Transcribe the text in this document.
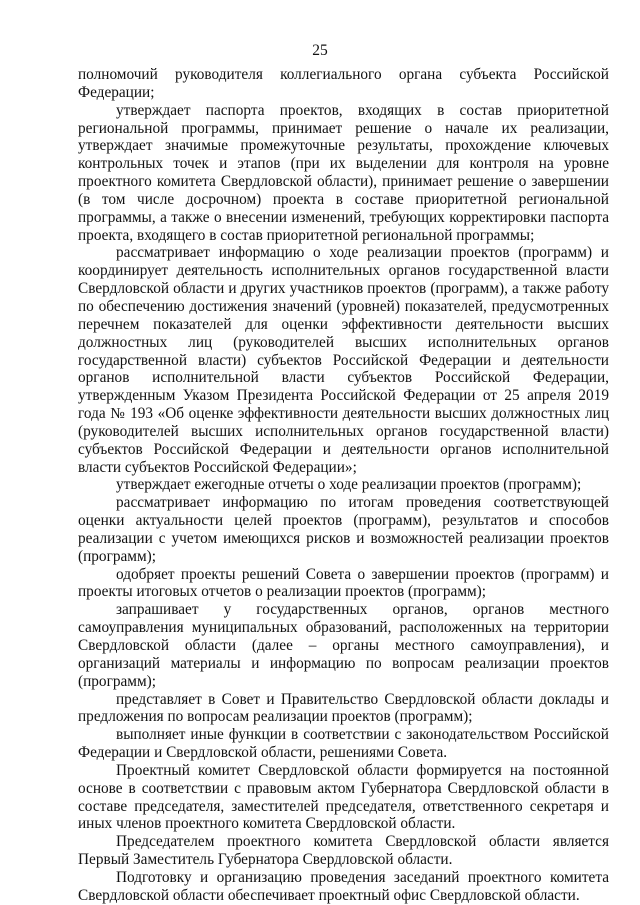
25

полномочий руководителя коллегиального органа субъекта Российской Федерации;

утверждает паспорта проектов, входящих в состав приоритетной региональной программы, принимает решение о начале их реализации, утверждает значимые промежуточные результаты, прохождение ключевых контрольных точек и этапов (при их выделении для контроля на уровне проектного комитета Свердловской области), принимает решение о завершении (в том числе досрочном) проекта в составе приоритетной региональной программы, а также о внесении изменений, требующих корректировки паспорта проекта, входящего в состав приоритетной региональной программы;

рассматривает информацию о ходе реализации проектов (программ) и координирует деятельность исполнительных органов государственной власти Свердловской области и других участников проектов (программ), а также работу по обеспечению достижения значений (уровней) показателей, предусмотренных перечнем показателей для оценки эффективности деятельности высших должностных лиц (руководителей высших исполнительных органов государственной власти) субъектов Российской Федерации и деятельности органов исполнительной власти субъектов Российской Федерации, утвержденным Указом Президента Российской Федерации от 25 апреля 2019 года № 193 «Об оценке эффективности деятельности высших должностных лиц (руководителей высших исполнительных органов государственной власти) субъектов Российской Федерации и деятельности органов исполнительной власти субъектов Российской Федерации»;

утверждает ежегодные отчеты о ходе реализации проектов (программ);

рассматривает информацию по итогам проведения соответствующей оценки актуальности целей проектов (программ), результатов и способов реализации с учетом имеющихся рисков и возможностей реализации проектов (программ);

одобряет проекты решений Совета о завершении проектов (программ) и проекты итоговых отчетов о реализации проектов (программ);

запрашивает у государственных органов, органов местного самоуправления муниципальных образований, расположенных на территории Свердловской области (далее – органы местного самоуправления), и организаций материалы и информацию по вопросам реализации проектов (программ);

представляет в Совет и Правительство Свердловской области доклады и предложения по вопросам реализации проектов (программ);

выполняет иные функции в соответствии с законодательством Российской Федерации и Свердловской области, решениями Совета.

Проектный комитет Свердловской области формируется на постоянной основе в соответствии с правовым актом Губернатора Свердловской области в составе председателя, заместителей председателя, ответственного секретаря и иных членов проектного комитета Свердловской области.

Председателем проектного комитета Свердловской области является Первый Заместитель Губернатора Свердловской области.

Подготовку и организацию проведения заседаний проектного комитета Свердловской области обеспечивает проектный офис Свердловской области.
